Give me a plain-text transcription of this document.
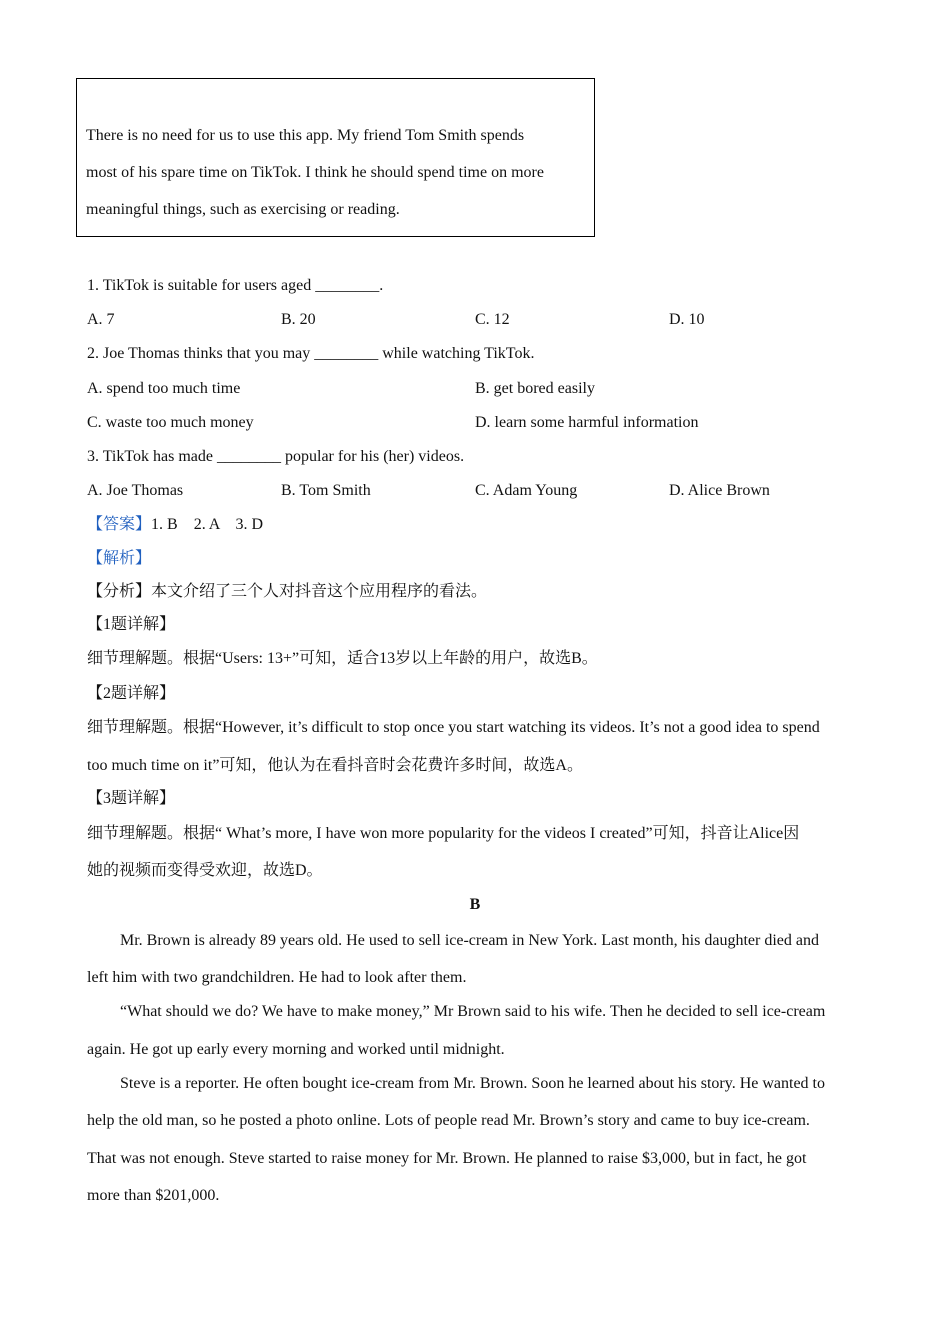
There is no need for us to use this app. My friend Tom Smith spends
most of his spare time on TikTok. I think he should spend time on more
meaningful things, such as exercising or reading.
1. TikTok is suitable for users aged ________.
A. 7	B. 20	C. 12	D. 10
2. Joe Thomas thinks that you may ________ while watching TikTok.
A. spend too much time	B. get bored easily
C. waste too much money	D. learn some harmful information
3. TikTok has made ________ popular for his (her) videos.
A. Joe Thomas	B. Tom Smith	C. Adam Young	D. Alice Brown
【答案】1. B    2. A    3. D
【解析】
【分析】本文介绍了三个人对抖音这个应用程序的看法。
【1题详解】
细节理解题。根据“Users: 13+”可知，适合13岁以上年龄的用户，故选B。
【2题详解】
细节理解题。根据“However, it’s difficult to stop once you start watching its videos. It’s not a good idea to spend
too much time on it”可知，他认为在看抖音时会花费许多时间，故选A。
【3题详解】
细节理解题。根据“ What’s more, I have won more popularity for the videos I created”可知，抖音让Alice因
她的视频而变得受欢迎，故选D。
B
Mr. Brown is already 89 years old. He used to sell ice-cream in New York. Last month, his daughter died and
left him with two grandchildren. He had to look after them.
“What should we do? We have to make money,” Mr Brown said to his wife. Then he decided to sell ice-cream
again. He got up early every morning and worked until midnight.
Steve is a reporter. He often bought ice-cream from Mr. Brown. Soon he learned about his story. He wanted to
help the old man, so he posted a photo online. Lots of people read Mr. Brown’s story and came to buy ice-cream.
That was not enough. Steve started to raise money for Mr. Brown. He planned to raise $3,000, but in fact, he got
more than $201,000.
